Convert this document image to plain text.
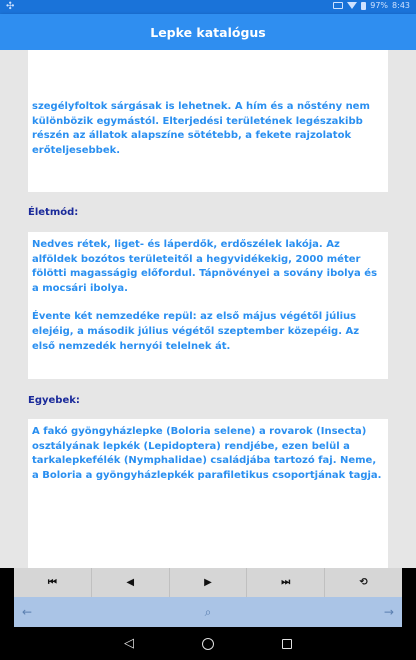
✣	97% 8:43
Lepke katalógus

szegélyfoltok sárgásak is lehetnek. A hím és a nőstény nem különbözik egymástól. Elterjedési területének legészakibb részén az állatok alapszíne sötétebb, a fekete rajzolatok erőteljesebbek.

Életmód:

Nedves rétek, liget- és láperdők, erdőszélek lakója. Az alföldek bozótos területeitől a hegyvidékekig, 2000 méter fölötti magasságig előfordul. Tápnövényei a sovány ibolya és a mocsári ibolya.

Évente két nemzedéke repül: az első május végétől július elejéig, a második július végétől szeptember közepéig. Az első nemzedék hernyói telelnek át.

Egyebek:

A fakó gyöngyházlepke (Boloria selene) a rovarok (Insecta) osztályának lepkék (Lepidoptera) rendjébe, ezen belül a tarkalepkefélék (Nymphalidae) családjába tartozó faj. Neme, a Boloria a gyöngyházlepkék parafiletikus csoportjának tagja.

⏮	◀	▶	⏭	⟲
←	⌕	→
◁
